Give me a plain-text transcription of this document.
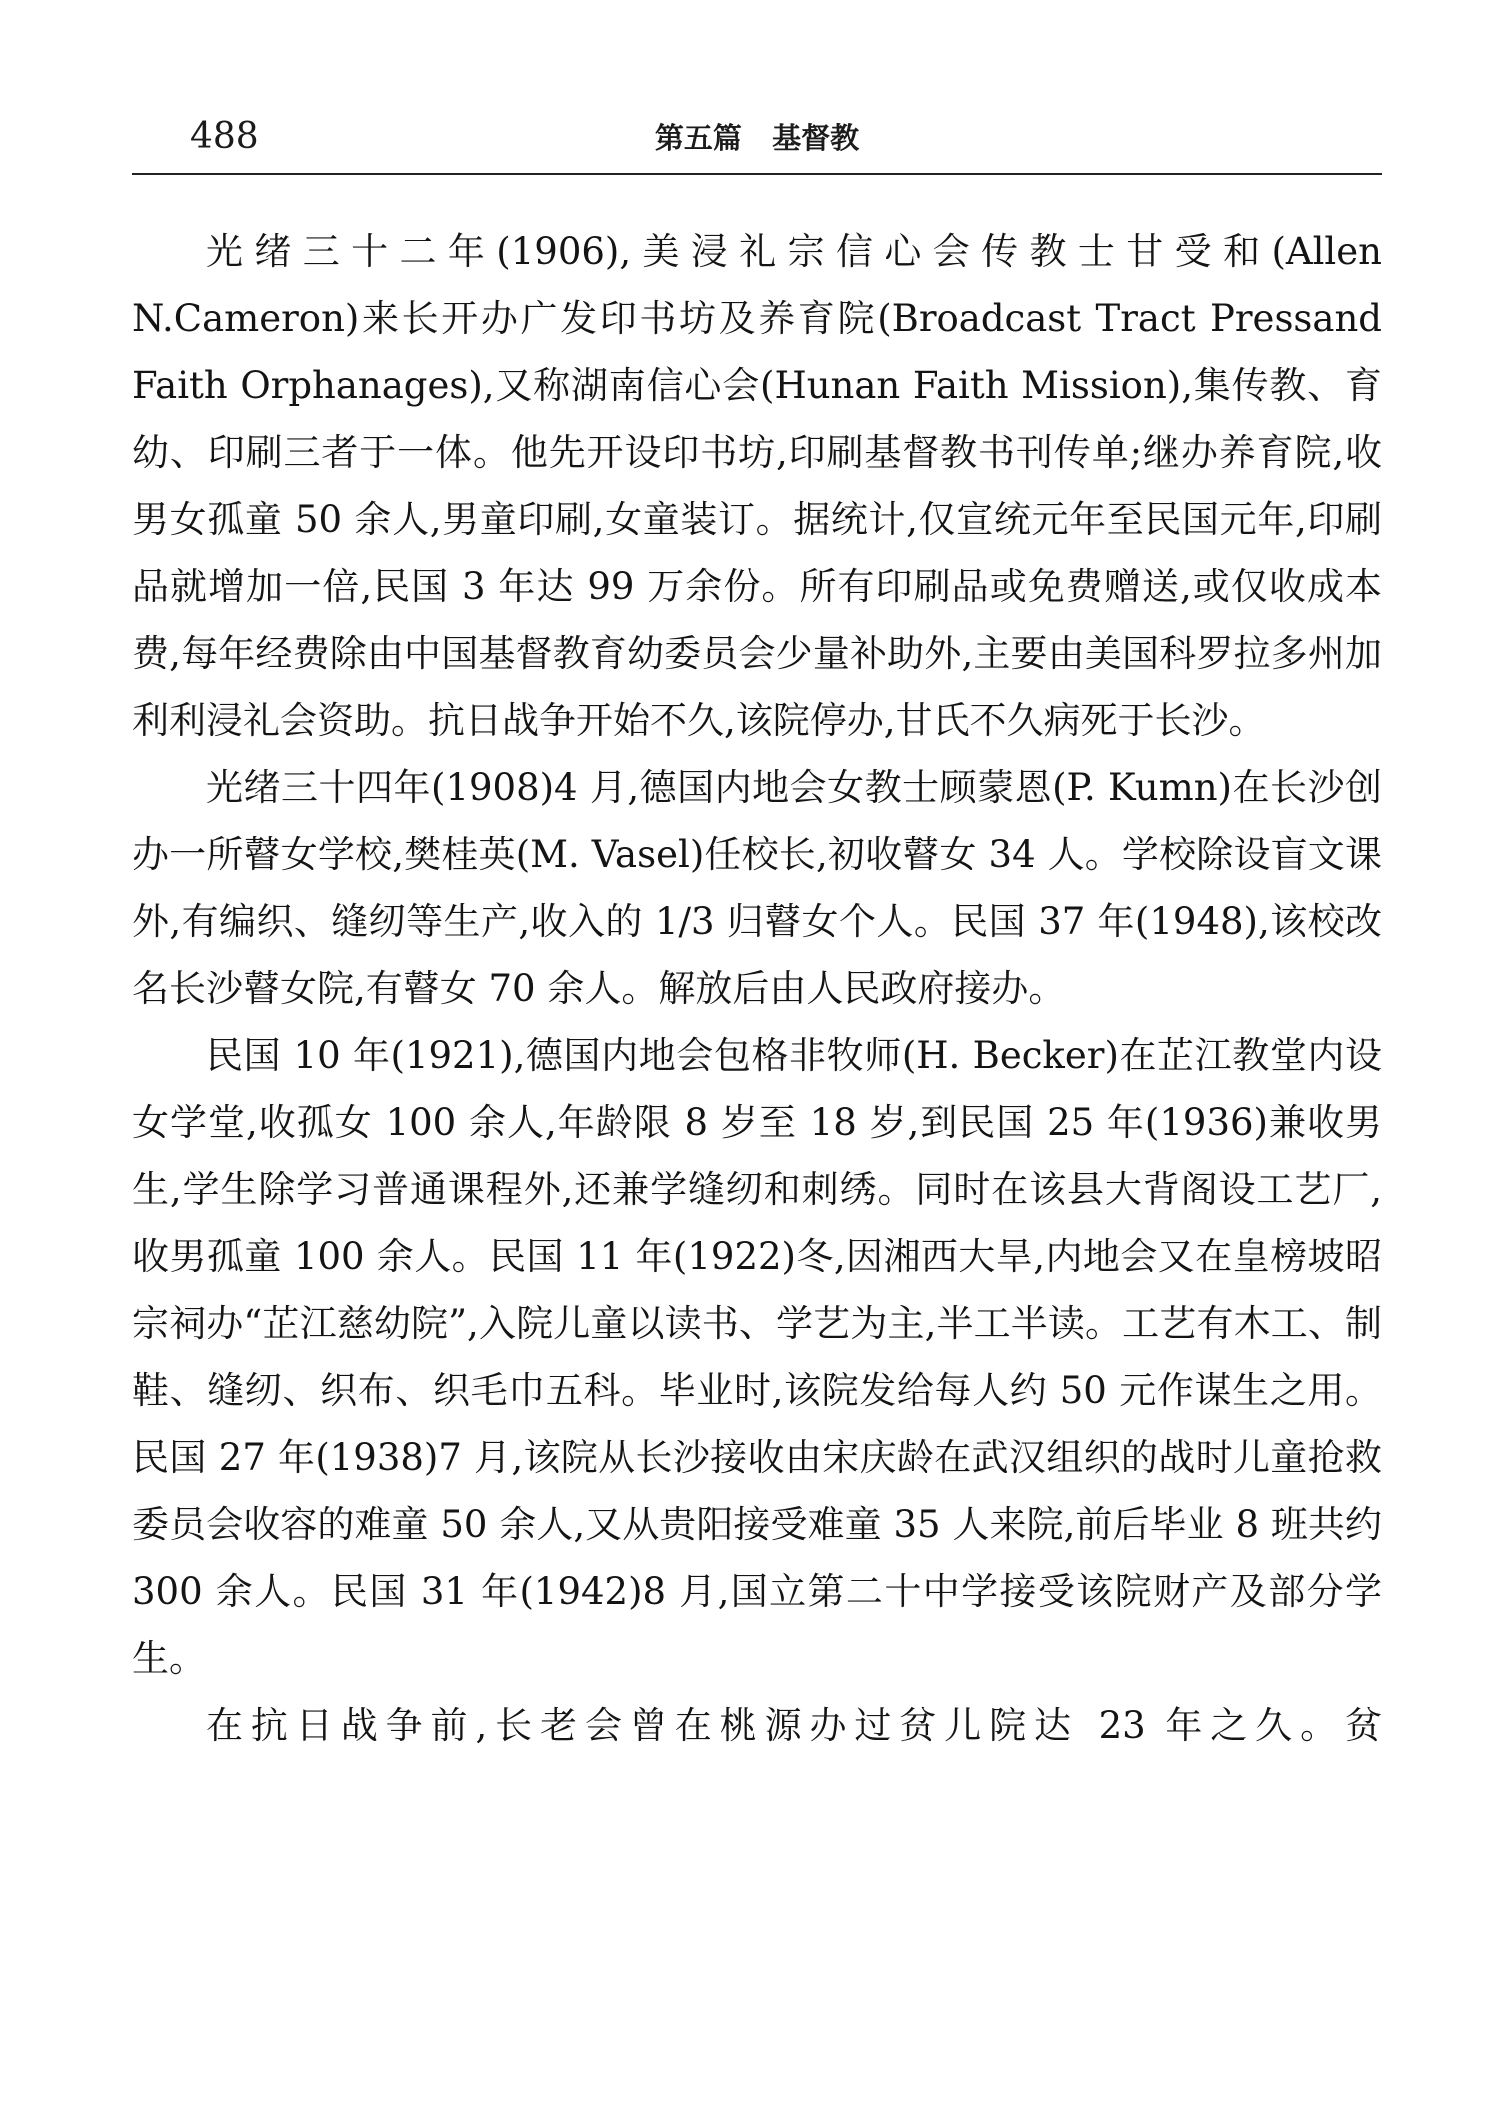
488	第五篇   基督教

光绪三十二年(1906),美浸礼宗信心会传教士甘受和(Allen N.Cameron)来长开办广发印书坊及养育院(Broadcast Tract Pressand Faith Orphanages),又称湖南信心会(Hunan Faith Mission),集传教、育幼、印刷三者于一体。他先开设印书坊,印刷基督教书刊传单;继办养育院,收男女孤童 50 余人,男童印刷,女童装订。据统计,仅宣统元年至民国元年,印刷品就增加一倍,民国 3 年达 99 万余份。所有印刷品或免费赠送,或仅收成本费,每年经费除由中国基督教育幼委员会少量补助外,主要由美国科罗拉多州加利利浸礼会资助。抗日战争开始不久,该院停办,甘氏不久病死于长沙。

光绪三十四年(1908)4 月,德国内地会女教士顾蒙恩(P. Kumn)在长沙创办一所瞽女学校,樊桂英(M. Vasel)任校长,初收瞽女 34 人。学校除设盲文课外,有编织、缝纫等生产,收入的 1/3 归瞽女个人。民国 37 年(1948),该校改名长沙瞽女院,有瞽女 70 余人。解放后由人民政府接办。

民国 10 年(1921),德国内地会包格非牧师(H. Becker)在芷江教堂内设女学堂,收孤女 100 余人,年龄限 8 岁至 18 岁,到民国 25 年(1936)兼收男生,学生除学习普通课程外,还兼学缝纫和刺绣。同时在该县大背阁设工艺厂,收男孤童 100 余人。民国 11 年(1922)冬,因湘西大旱,内地会又在皇榜坡昭宗祠办“芷江慈幼院”,入院儿童以读书、学艺为主,半工半读。工艺有木工、制鞋、缝纫、织布、织毛巾五科。毕业时,该院发给每人约 50 元作谋生之用。民国 27 年(1938)7 月,该院从长沙接收由宋庆龄在武汉组织的战时儿童抢救委员会收容的难童 50 余人,又从贵阳接受难童 35 人来院,前后毕业 8 班共约 300 余人。民国 31 年(1942)8 月,国立第二十中学接受该院财产及部分学生。

在抗日战争前,长老会曾在桃源办过贫儿院达 23 年之久。贫
